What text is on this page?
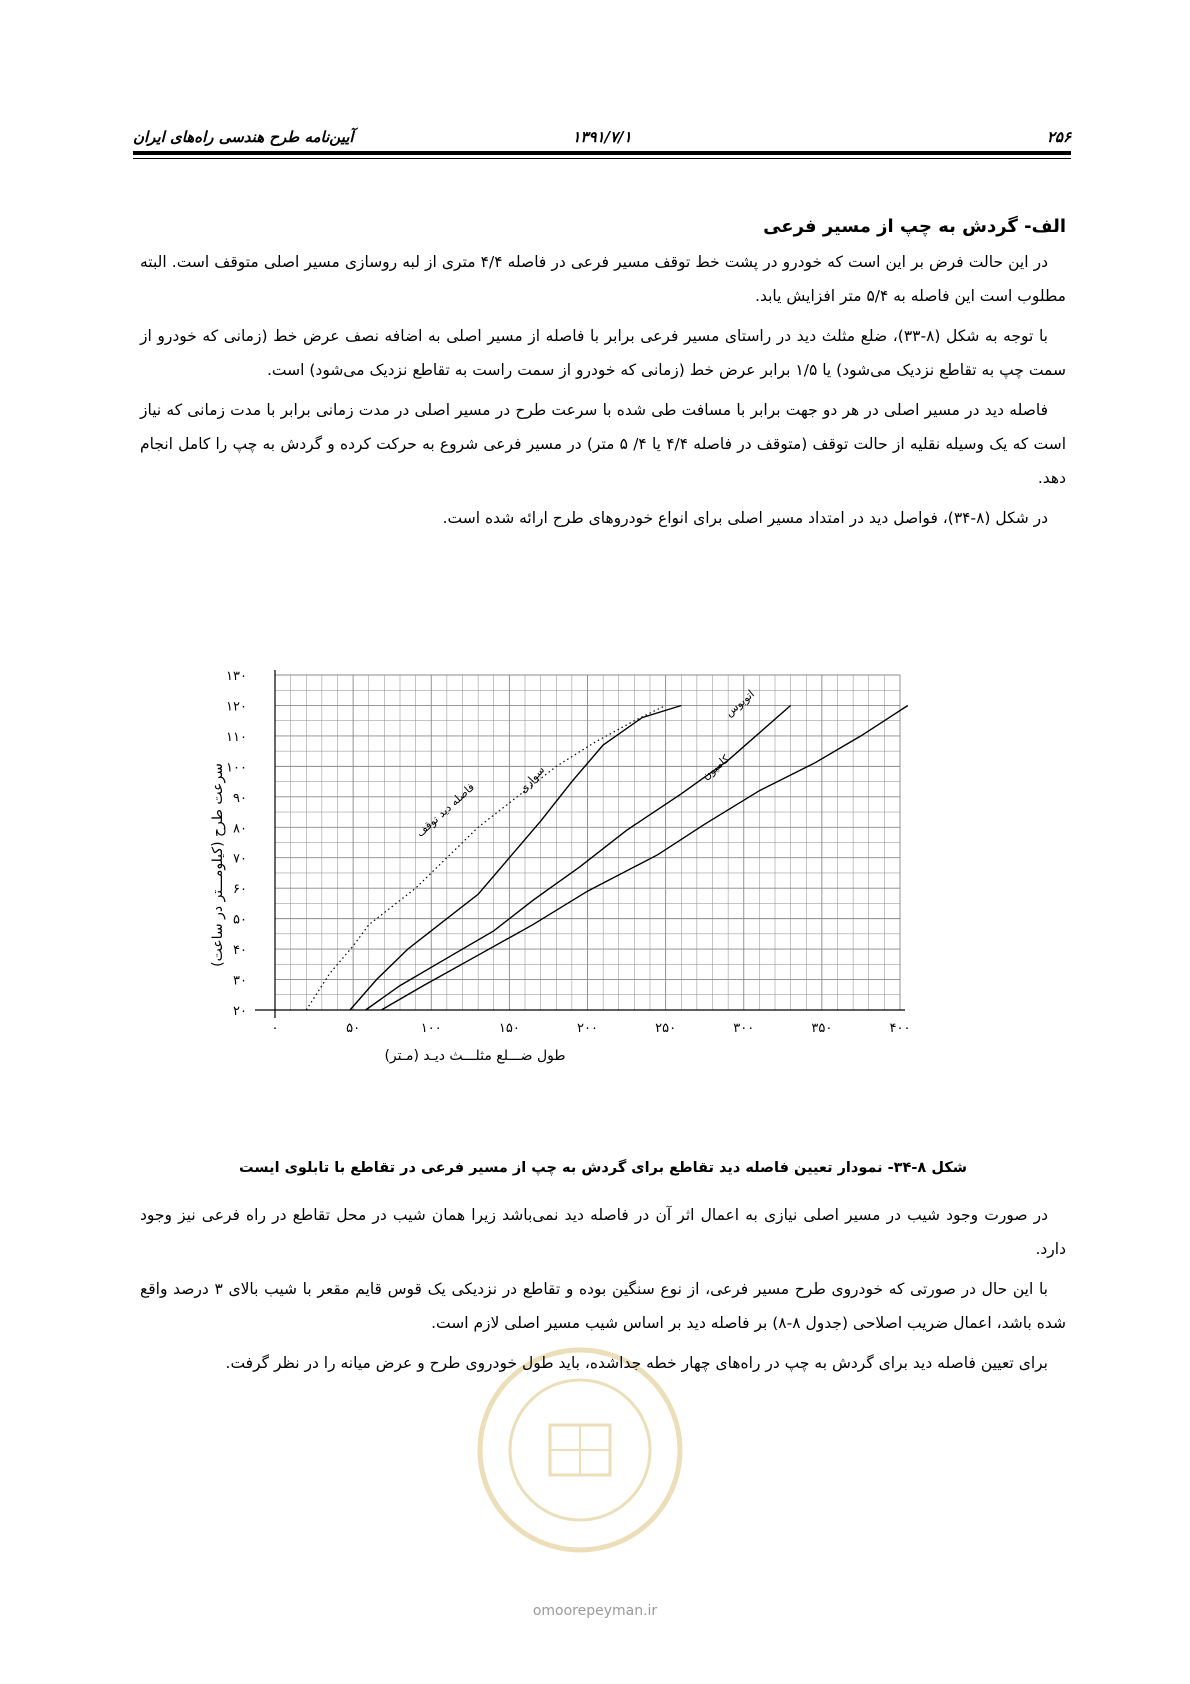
۲۵۶
۱۳۹۱/۷/۱
آیین‌نامه طرح هندسی راه‌های ایران
الف- گردش به چپ از مسیر فرعی

در این حالت فرض بر این است که خودرو در پشت خط توقف مسیر فرعی در فاصله ۴/۴ متری از لبه روسازی مسیر اصلی متوقف است. البته مطلوب است این فاصله به ۵/۴ متر افزایش یابد.

با توجه به شکل (۸-۳۳)، ضلع مثلث دید در راستای مسیر فرعی برابر با فاصله از مسیر اصلی به اضافه نصف عرض خط (زمانی که خودرو از سمت چپ به تقاطع نزدیک می‌شود) یا ۱/۵ برابر عرض خط (زمانی که خودرو از سمت راست به تقاطع نزدیک می‌شود) است.

فاصله دید در مسیر اصلی در هر دو جهت برابر با مسافت طی شده با سرعت طرح در مسیر اصلی در مدت زمانی برابر با مدت زمانی که نیاز است که یک وسیله نقلیه از حالت توقف (متوقف در فاصله ۴/۴ یا ۴/ ۵ متر) در مسیر فرعی شروع به حرکت کرده و گردش به چپ را کامل انجام دهد.

در شکل (۸-۳۴)، فواصل دید در امتداد مسیر اصلی برای انواع خودروهای طرح ارائه شده است.

۰	۵۰	۱۰۰	۱۵۰	۲۰۰	۲۵۰	۳۰۰	۳۵۰	۴۰۰
۲۰
۳۰
۴۰
۵۰
۶۰
۷۰
۸۰
۹۰
۱۰۰
۱۱۰
۱۲۰
۱۳۰
طول ضـــلع مثلـــث دیـد (مـتر)
سرعت طرح (کیلومـــتر در ساعت)	فاصله دید توقف
سواری
اتوبوس
کامیون
شکل ۸-۳۴- نمودار تعیین فاصله دید تقاطع برای گردش به چپ از مسیر فرعی در تقاطع با تابلوی ایست

در صورت وجود شیب در مسیر اصلی نیازی به اعمال اثر آن در فاصله دید نمی‌باشد زیرا همان شیب در محل تقاطع در راه فرعی نیز وجود دارد.

با این حال در صورتی که خودروی طرح مسیر فرعی، از نوع سنگین بوده و تقاطع در نزدیکی یک قوس قایم مقعر با شیب بالای ۳ درصد واقع شده باشد، اعمال ضریب اصلاحی (جدول ۸-۸) بر فاصله دید بر اساس شیب مسیر اصلی لازم است.

برای تعیین فاصله دید برای گردش به چپ در راه‌های چهار خطه جداشده، باید طول خودروی طرح و عرض میانه را در نظر گرفت.

omoorepeyman.ir
